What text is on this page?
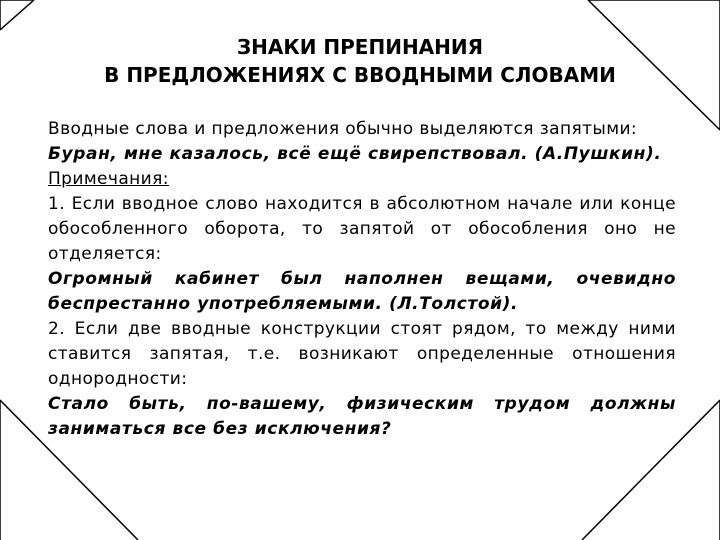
ЗНАКИ ПРЕПИНАНИЯ
В ПРЕДЛОЖЕНИЯХ С ВВОДНЫМИ СЛОВАМИ

Вводные слова и предложения обычно выделяются запятыми:

Буран, мне казалось, всё ещё свирепствовал. (А.Пушкин).

Примечания:

1. Если вводное слово находится в абсолютном начале или конце обособленного оборота, то запятой от обособления оно не отделяется:

Огромный кабинет был наполнен вещами, очевидно беспрестанно употребляемыми. (Л.Толстой).

2. Если две вводные конструкции стоят рядом, то между ними ставится запятая, т.е. возникают определенные отношения однородности:

Стало быть, по-вашему, физическим трудом должны заниматься все без исключения?
